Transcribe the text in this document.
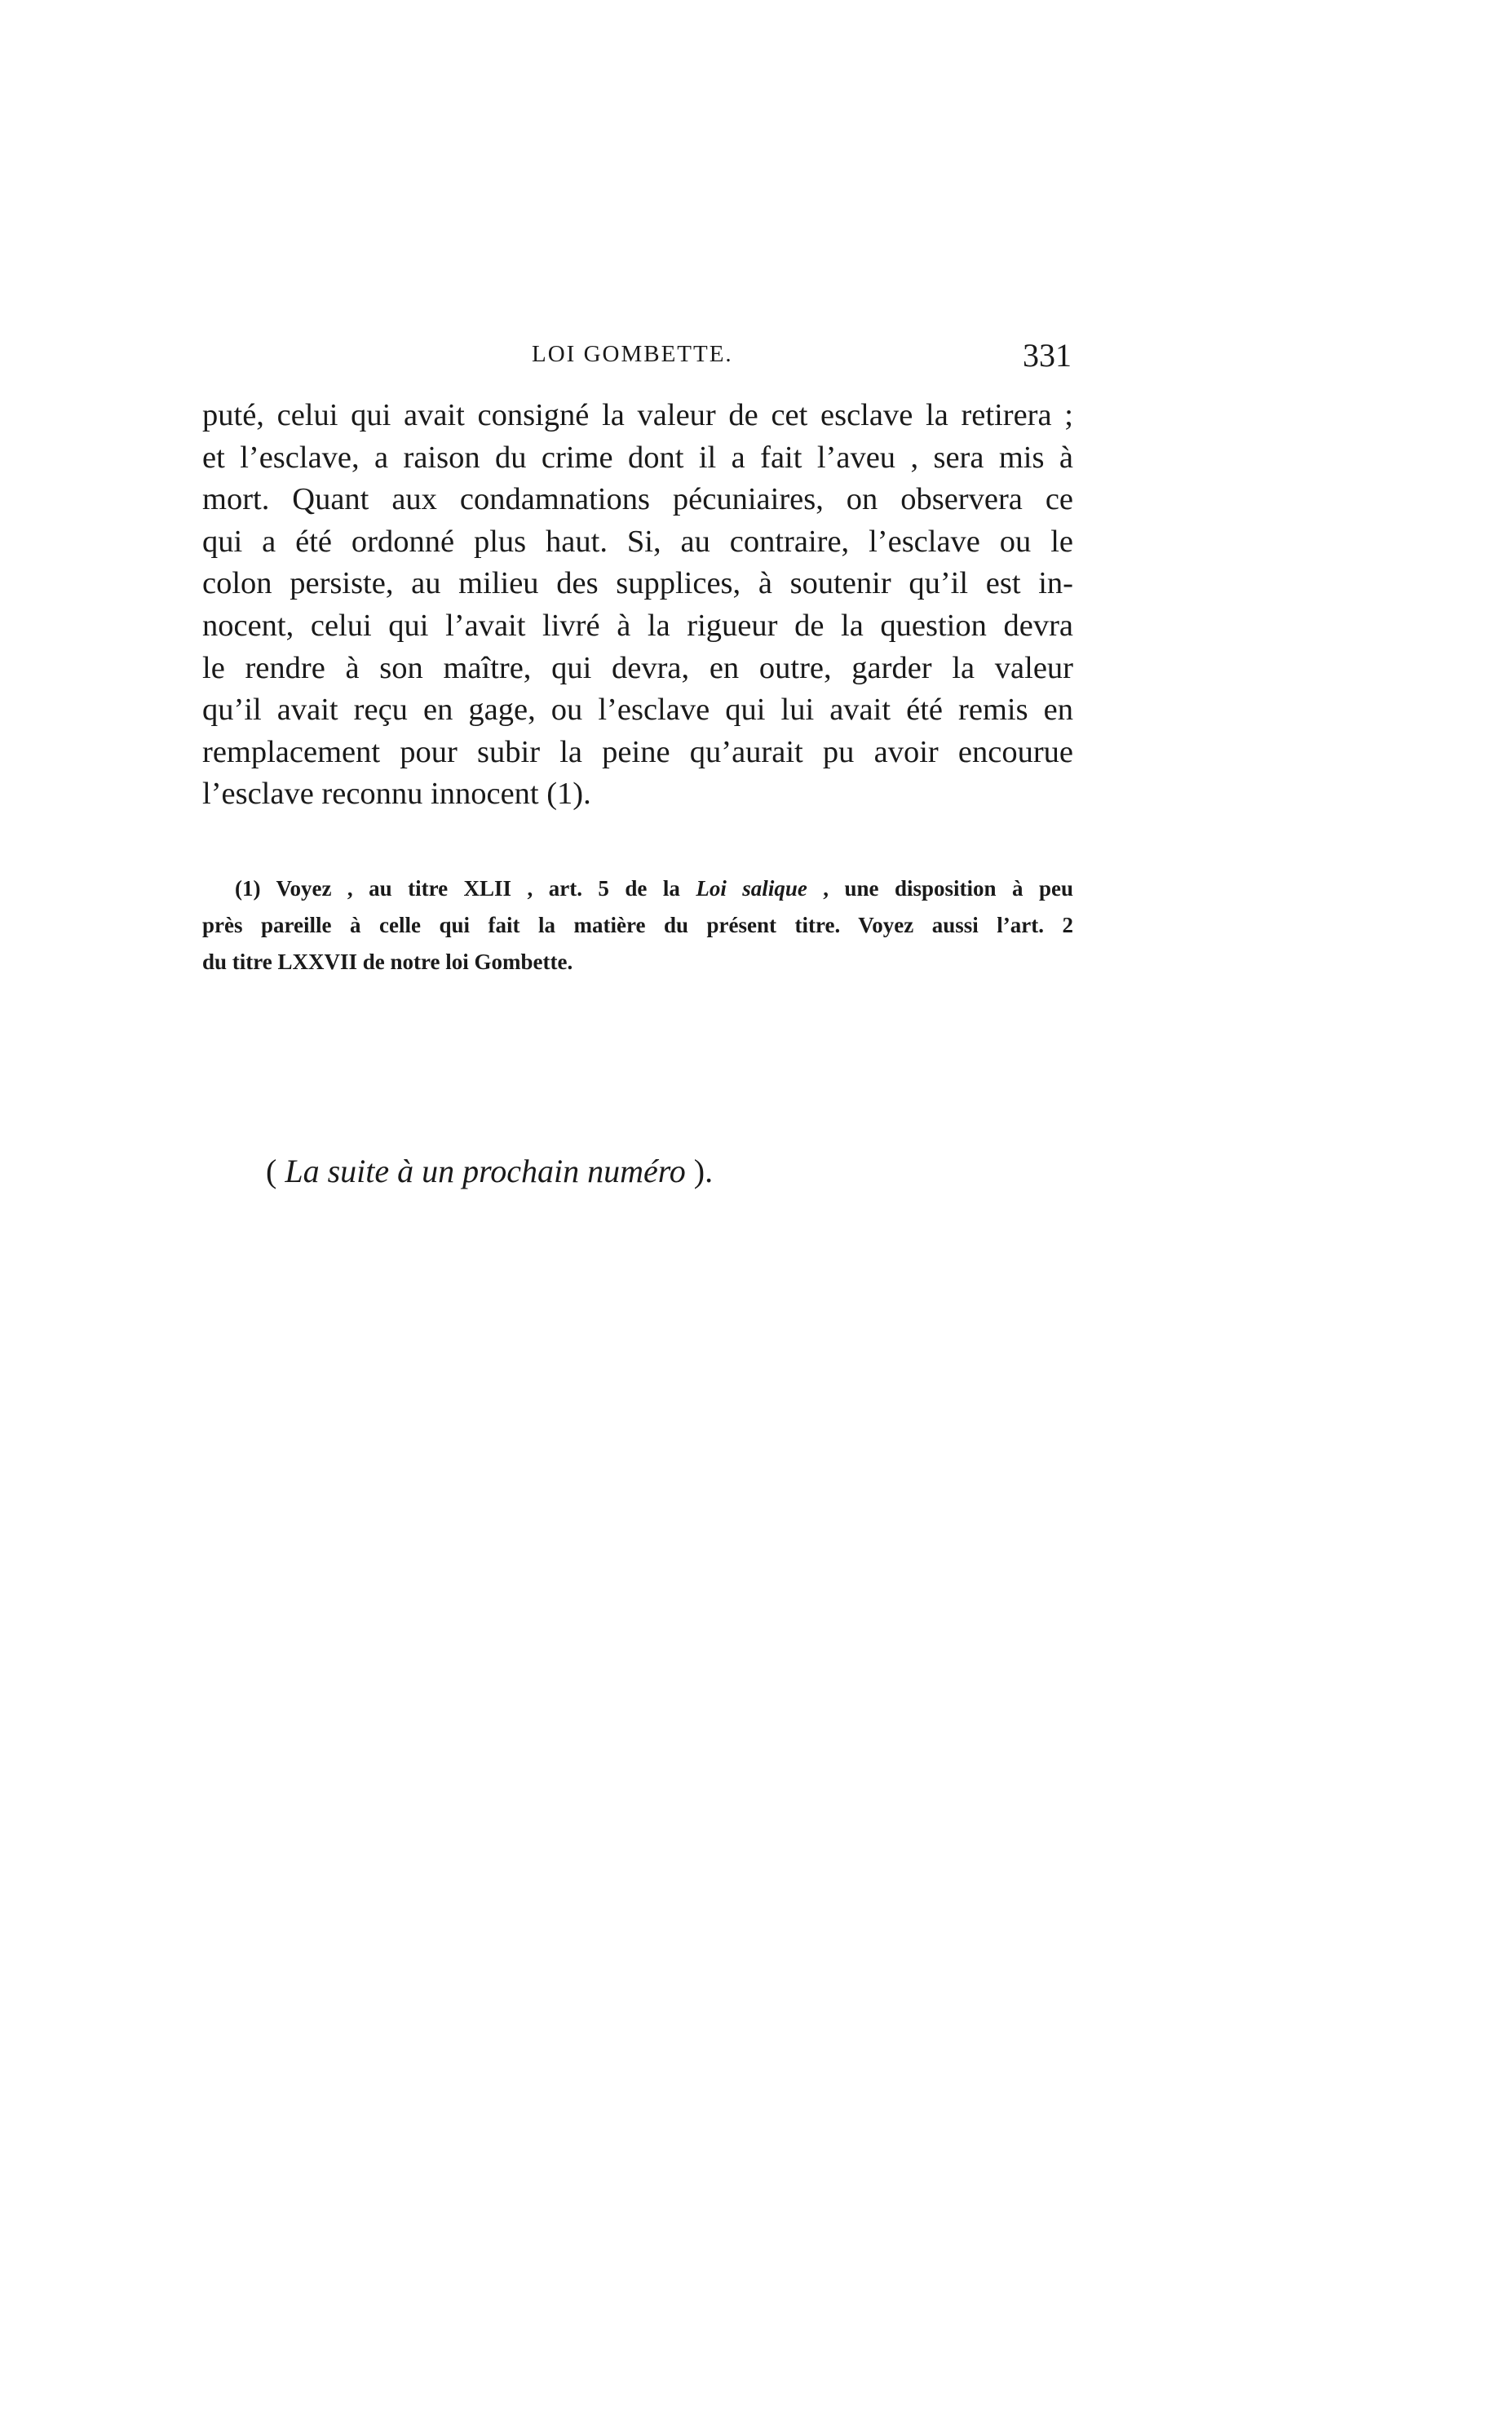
LOI GOMBETTE.	331
puté, celui qui avait consigné la valeur de cet esclave la retirera ;
et l’esclave, a raison du crime dont il a fait l’aveu , sera mis à
mort. Quant aux condamnations pécuniaires, on observera ce
qui a été ordonné plus haut. Si, au contraire, l’esclave ou le
colon persiste, au milieu des supplices, à soutenir qu’il est in-
nocent, celui qui l’avait livré à la rigueur de la question devra
le rendre à son maître, qui devra, en outre, garder la valeur
qu’il avait reçu en gage, ou l’esclave qui lui avait été remis en
remplacement pour subir la peine qu’aurait pu avoir encourue
l’esclave reconnu innocent (1).
(1) Voyez , au titre XLII , art. 5 de la Loi salique , une disposition à peu
près pareille à celle qui fait la matière du présent titre. Voyez aussi l’art. 2
du titre LXXVII de notre loi Gombette.
( La suite à un prochain numéro ).
